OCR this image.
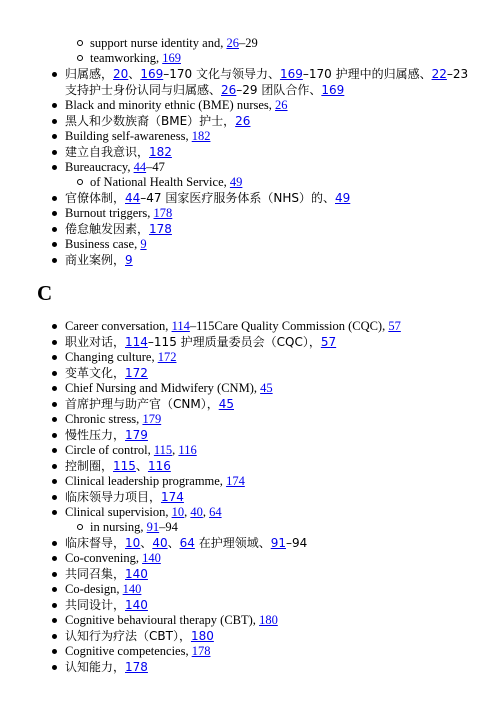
C
support nurse identity and, 26–29
teamworking, 169
归属感，20、169–170 文化与领导力、169–170 护理中的归属感、22–23
支持护士身份认同与归属感、26–29 团队合作、169
Black and minority ethnic (BME) nurses, 26
黑人和少数族裔（BME）护士，26
Building self-awareness, 182
建立自我意识，182
Bureaucracy, 44–47
of National Health Service, 49
官僚体制，44–47 国家医疗服务体系（NHS）的、49
Burnout triggers, 178
倦怠触发因素，178
Business case, 9
商业案例，9
Career conversation, 114–115Care Quality Commission (CQC), 57
职业对话，114–115 护理质量委员会（CQC），57
Changing culture, 172
变革文化，172
Chief Nursing and Midwifery (CNM), 45
首席护理与助产官（CNM），45
Chronic stress, 179
慢性压力，179
Circle of control, 115, 116
控制圈，115、116
Clinical leadership programme, 174
临床领导力项目，174
Clinical supervision, 10, 40, 64
in nursing, 91–94
临床督导，10、40、64 在护理领域、91–94
Co-convening, 140
共同召集，140
Co-design, 140
共同设计，140
Cognitive behavioural therapy (CBT), 180
认知行为疗法（CBT），180
Cognitive competencies, 178
认知能力，178
